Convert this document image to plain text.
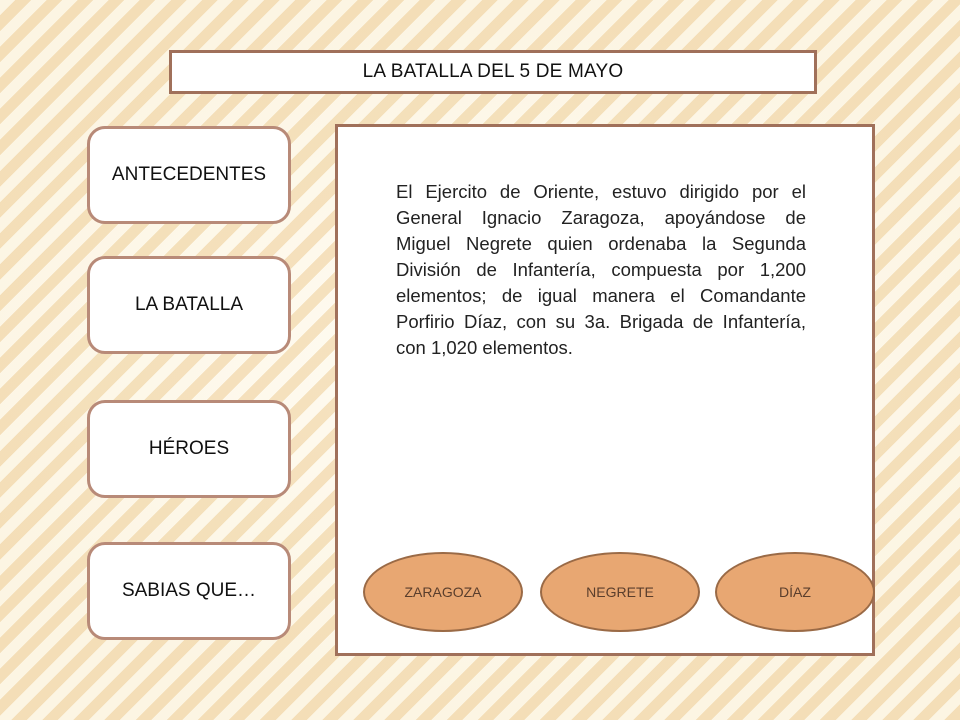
LA BATALLA DEL 5 DE MAYO
ANTECEDENTES
LA BATALLA
HÉROES
SABIAS QUE…

El Ejercito de Oriente, estuvo dirigido por el General Ignacio Zaragoza, apoyándose de Miguel Negrete quien ordenaba la Segunda División de Infantería, compuesta por 1,200 elementos; de igual manera el Comandante Porfirio Díaz, con su 3a. Brigada de Infantería, con 1,020 elementos.

ZARAGOZA	NEGRETE	DÍAZ
